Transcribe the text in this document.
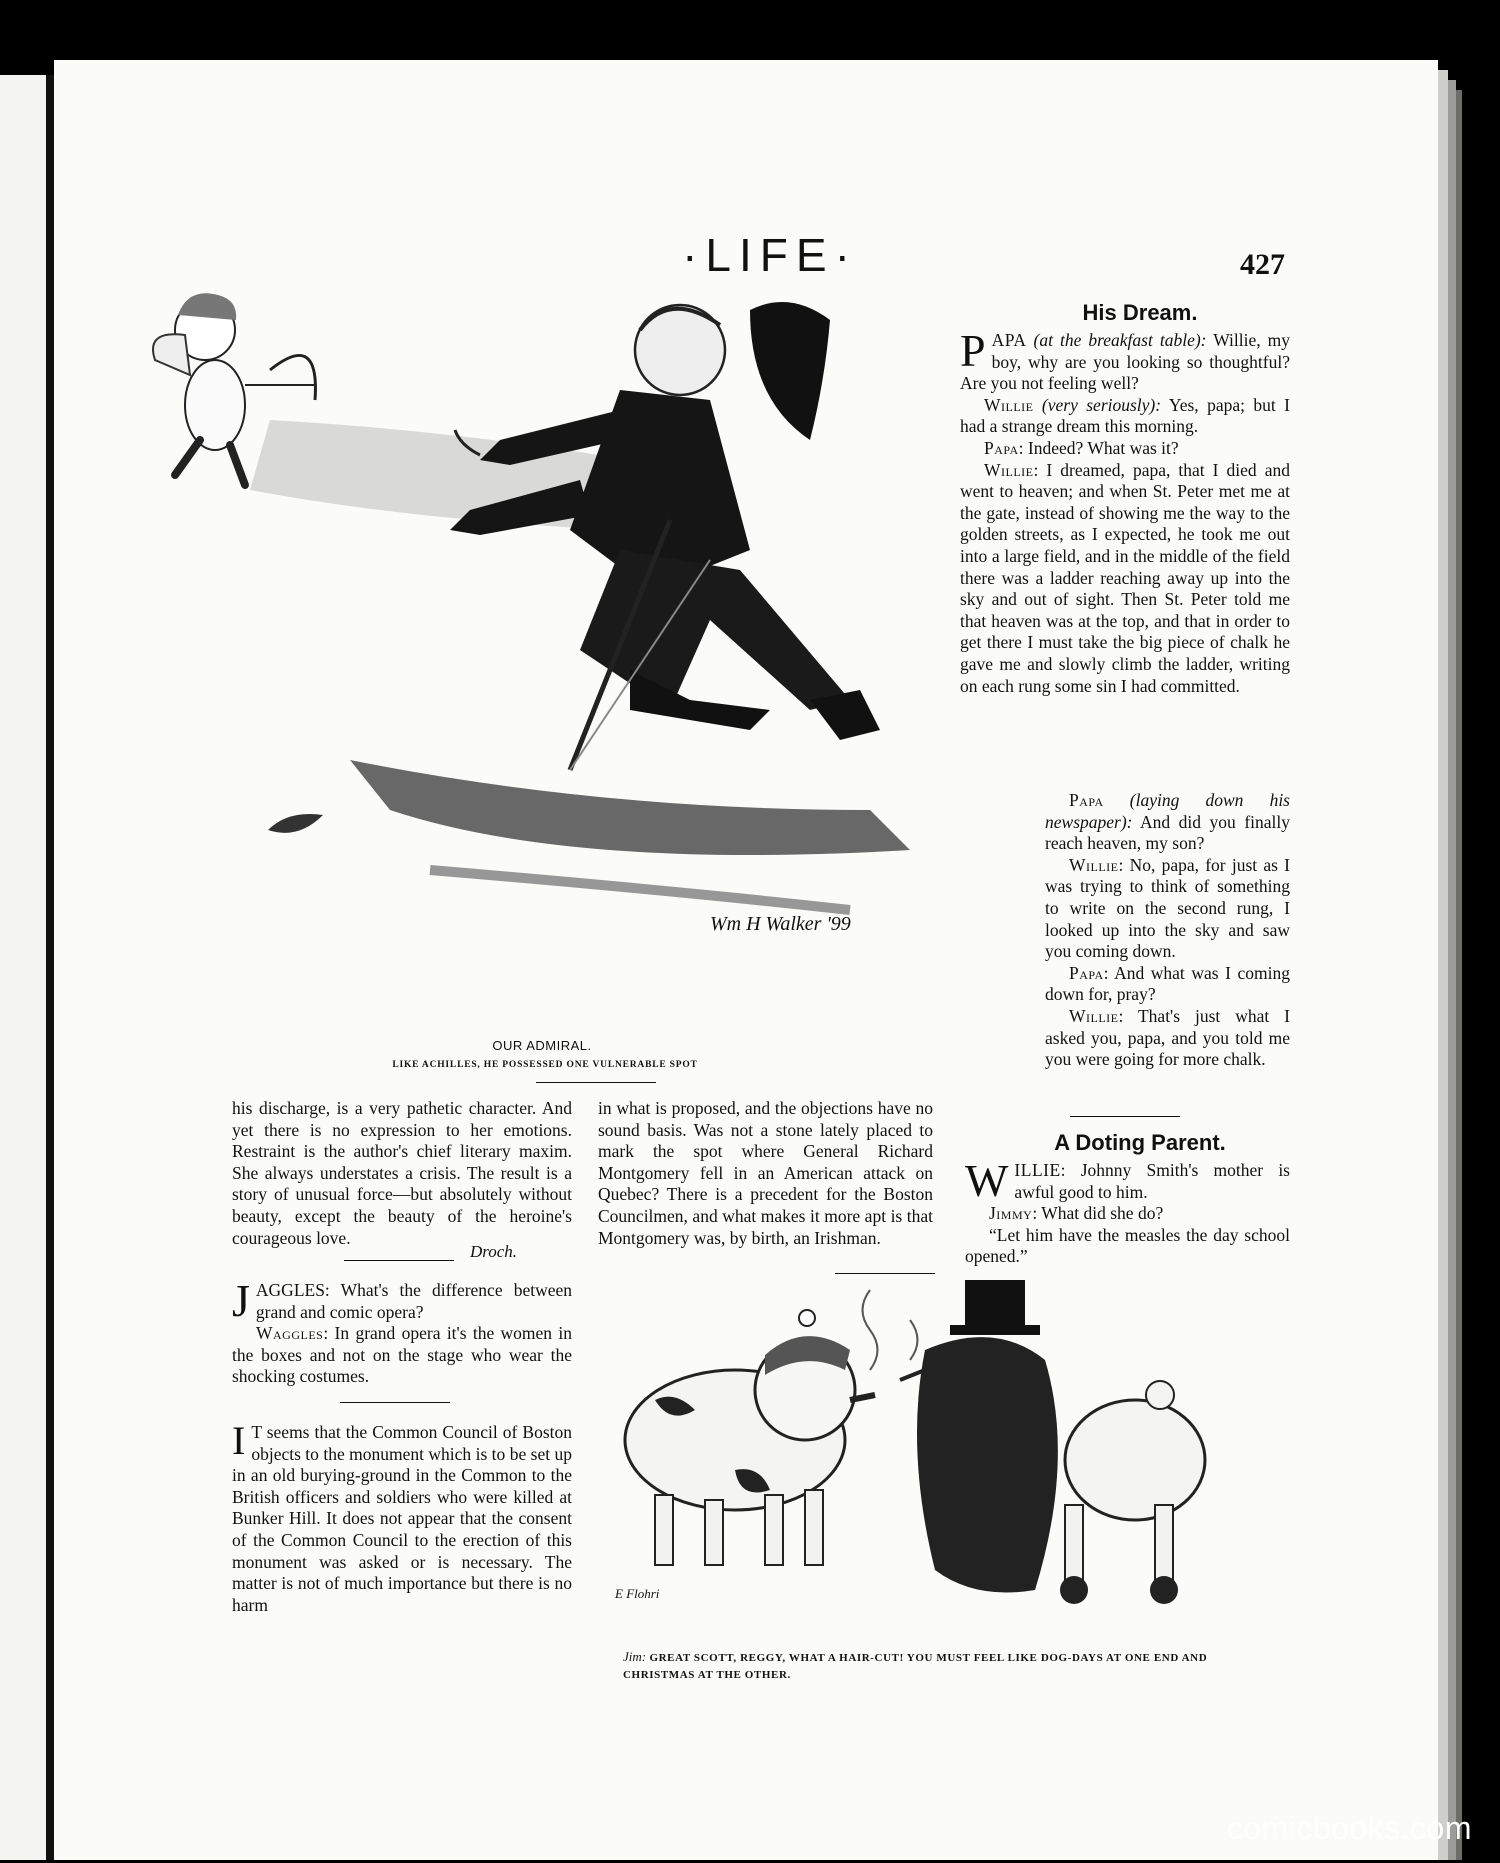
·LIFE·	427
Wm H Walker '99
OUR ADMIRAL.
LIKE ACHILLES, HE POSSESSED ONE VULNERABLE SPOT
His Dream.

PAPA (at the breakfast table): Willie, my boy, why are you looking so thoughtful? Are you not feeling well?

Willie (very seriously): Yes, papa; but I had a strange dream this morning.

Papa: Indeed? What was it?

Willie: I dreamed, papa, that I died and went to heaven; and when St. Peter met me at the gate, instead of showing me the way to the golden streets, as I expected, he took me out into a large field, and in the middle of the field there was a ladder reaching away up into the sky and out of sight. Then St. Peter told me that heaven was at the top, and that in order to get there I must take the big piece of chalk he gave me and slowly climb the ladder, writing on each rung some sin I had committed.

Papa (laying down his newspaper): And did you finally reach heaven, my son?

Willie: No, papa, for just as I was trying to think of something to write on the second rung, I looked up into the sky and saw you coming down.

Papa: And what was I coming down for, pray?

Willie: That's just what I asked you, papa, and you told me you were going for more chalk.

A Doting Parent.

WILLIE: Johnny Smith's mother is awful good to him.

Jimmy: What did she do?

“Let him have the measles the day school opened.”

his discharge, is a very pathetic character. And yet there is no expression to her emotions. Restraint is the author's chief literary maxim. She always understates a crisis. The result is a story of unusual force—but absolutely without beauty, except the beauty of the heroine's courageous love.

Droch.

JAGGLES: What's the difference between grand and comic opera?

Waggles: In grand opera it's the women in the boxes and not on the stage who wear the shocking costumes.

I T seems that the Common Council of Boston objects to the monument which is to be set up in an old burying-ground in the Common to the British officers and soldiers who were killed at Bunker Hill. It does not appear that the consent of the Common Council to the erection of this monument was asked or is necessary. The matter is not of much importance but there is no harm

in what is proposed, and the objections have no sound basis. Was not a stone lately placed to mark the spot where General Richard Montgomery fell in an American attack on Quebec? There is a precedent for the Boston Councilmen, and what makes it more apt is that Montgomery was, by birth, an Irishman.

E Flohri
Jim: GREAT SCOTT, REGGY, WHAT A HAIR-CUT! YOU MUST FEEL LIKE DOG-DAYS AT ONE END AND CHRISTMAS AT THE OTHER.
comicbooks.com
